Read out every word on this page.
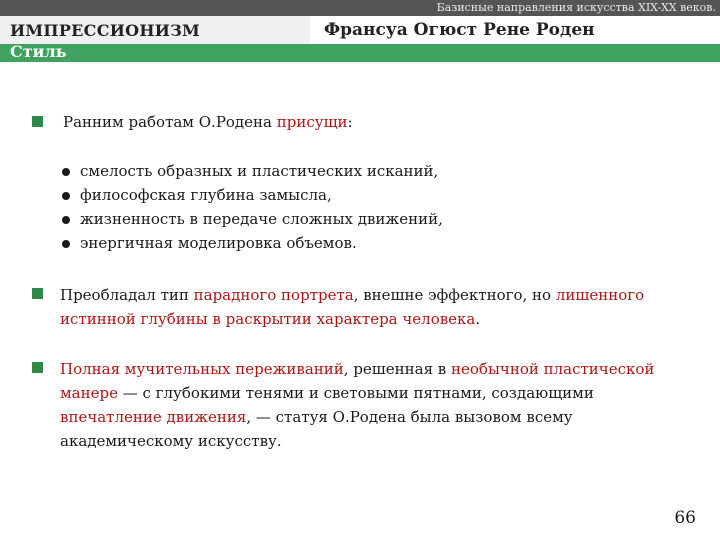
Базисные направления искусства XIX-XX веков.
ИМПРЕССИОНИЗМ	Франсуа Огюст Рене Роден
Стиль
Ранним работам О.Родена присущи:
смелость образных и пластических исканий,
философская глубина замысла,
жизненность в передаче сложных движений,
энергичная моделировка объемов.
Преобладал тип парадного портрета, внешне эффектного, но лишенного истинной глубины в раскрытии характера человека.
Полная мучительных переживаний, решенная в необычной пластической манере — с глубокими тенями и световыми пятнами, создающими впечатление движения, — статуя О.Родена была вызовом всему академическому искусству.
66
